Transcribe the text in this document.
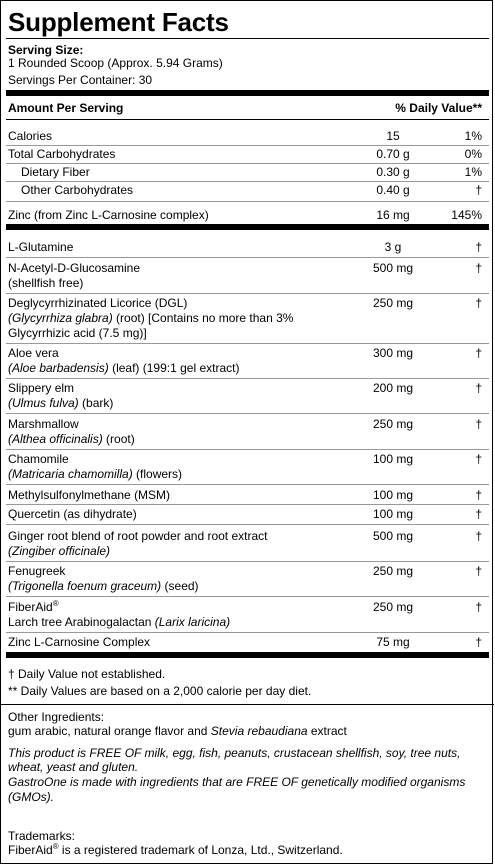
Supplement Facts
Serving Size:
1 Rounded Scoop (Approx. 5.94 Grams)
Servings Per Container: 30
Amount Per Serving	% Daily Value**
Calories	15	1%
Total Carbohydrates	0.70 g	0%
Dietary Fiber	0.30 g	1%
Other Carbohydrates	0.40 g	†
Zinc (from Zinc L-Carnosine complex)	16 mg	145%
L-Glutamine	3 g	†
N-Acetyl-D-Glucosamine
(shellfish free)
500 mg	†
Deglycyrrhizinated Licorice (DGL)
(Glycyrrhiza glabra) (root) [Contains no more than 3%
Glycyrrhizic acid (7.5 mg)]
250 mg	†
Aloe vera
(Aloe barbadensis) (leaf) (199:1 gel extract)
300 mg	†
Slippery elm
(Ulmus fulva) (bark)
200 mg	†
Marshmallow
(Althea officinalis) (root)
250 mg	†
Chamomile
(Matricaria chamomilla) (flowers)
100 mg	†
Methylsulfonylmethane (MSM)	100 mg	†
Quercetin (as dihydrate)	100 mg	†
Ginger root blend of root powder and root extract
(Zingiber officinale)
500 mg	†
Fenugreek
(Trigonella foenum graceum) (seed)
250 mg	†
FiberAid®
Larch tree Arabinogalactan (Larix laricina)
250 mg	†
Zinc L-Carnosine Complex	75 mg	†
† Daily Value not established.
** Daily Values are based on a 2,000 calorie per day diet.
Other Ingredients:
gum arabic, natural orange flavor and Stevia rebaudiana extract
This product is FREE OF milk, egg, fish, peanuts, crustacean shellfish, soy, tree nuts,
wheat, yeast and gluten.
GastroOne is made with ingredients that are FREE OF genetically modified organisms
(GMOs).
Trademarks:
FiberAid® is a registered trademark of Lonza, Ltd., Switzerland.
